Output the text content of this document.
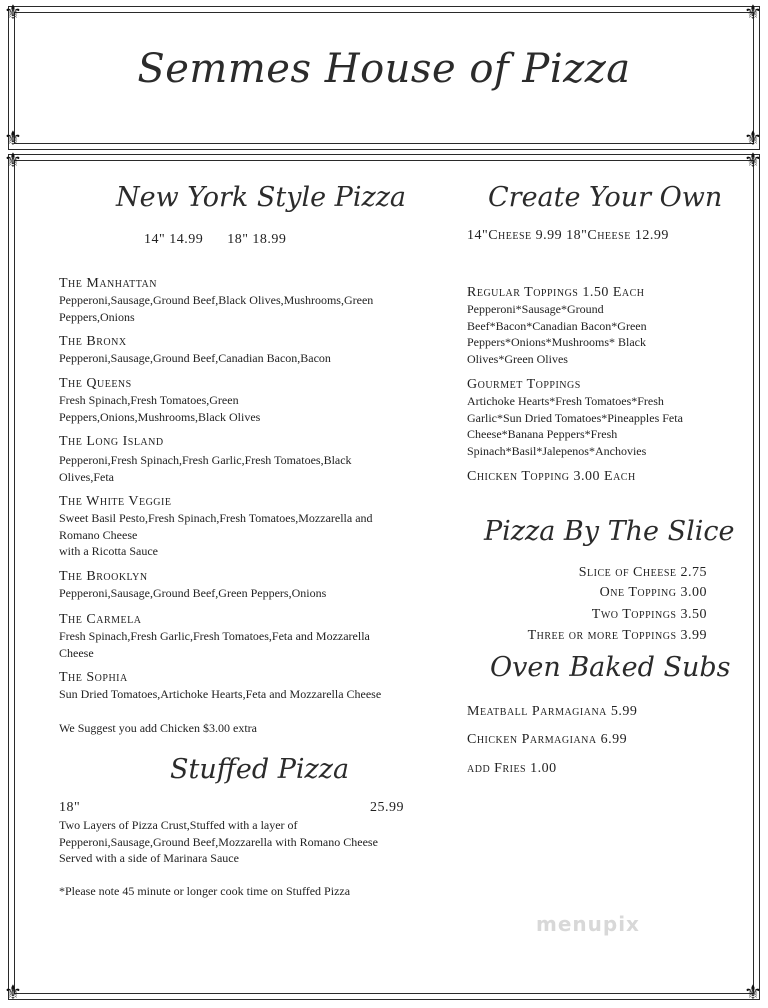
⚜	⚜
⚜	⚜
Semmes House of Pizza
⚜	⚜
⚜	⚜
New York Style Pizza
14" 14.99      18" 18.99
The Manhattan
Pepperoni,Sausage,Ground Beef,Black Olives,Mushrooms,Green Peppers,Onions
The Bronx
Pepperoni,Sausage,Ground Beef,Canadian Bacon,Bacon
The Queens
Fresh Spinach,Fresh Tomatoes,Green Peppers,Onions,Mushrooms,Black Olives
The Long Island
Pepperoni,Fresh Spinach,Fresh Garlic,Fresh Tomatoes,Black Olives,Feta
The White Veggie
Sweet Basil Pesto,Fresh Spinach,Fresh Tomatoes,Mozzarella and Romano Cheese
with a Ricotta Sauce
The Brooklyn
Pepperoni,Sausage,Ground Beef,Green Peppers,Onions
The Carmela
Fresh Spinach,Fresh Garlic,Fresh Tomatoes,Feta and Mozzarella Cheese
The Sophia
Sun Dried Tomatoes,Artichoke Hearts,Feta and Mozzarella Cheese
We Suggest you add Chicken $3.00 extra
Stuffed Pizza
18"	25.99
Two Layers of Pizza Crust,Stuffed with a layer of Pepperoni,Sausage,Ground Beef,Mozzarella with Romano Cheese Served with a side of Marinara Sauce
*Please note 45 minute or longer cook time on Stuffed Pizza
Create Your Own
14"Cheese 9.99 18"Cheese 12.99
Regular Toppings 1.50 Each
Pepperoni*Sausage*Ground Beef*Bacon*Canadian Bacon*Green Peppers*Onions*Mushrooms* Black Olives*Green Olives
Gourmet Toppings
Artichoke Hearts*Fresh Tomatoes*Fresh Garlic*Sun Dried Tomatoes*Pineapples Feta Cheese*Banana Peppers*Fresh Spinach*Basil*Jalepenos*Anchovies
Chicken Topping 3.00 Each
Pizza By The Slice
Slice of Cheese 2.75
One Topping 3.00
Two Toppings 3.50
Three or more Toppings 3.99
Oven Baked Subs
Meatball Parmagiana 5.99
Chicken Parmagiana 6.99
add Fries 1.00
menupix
